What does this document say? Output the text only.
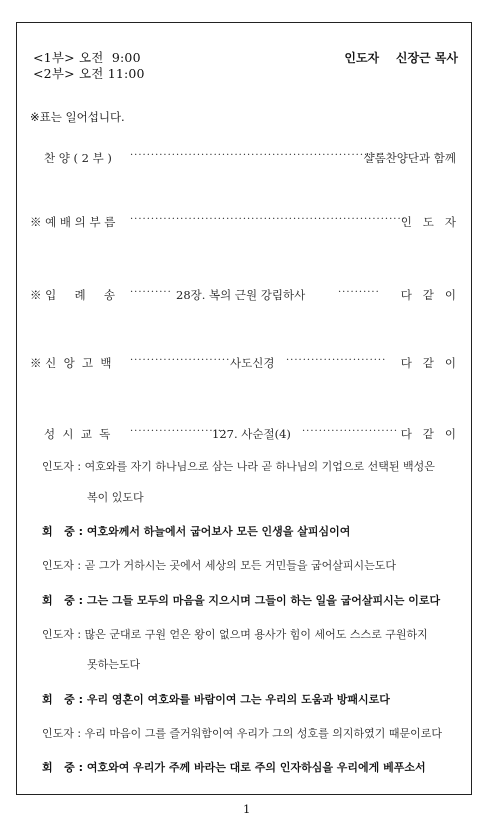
<1부> 오전  9:00
<2부> 오전 11:00
인도자    신장근 목사
※표는 일어섭니다.
찬 양 ( 2 부 ) ····························································
샬롬찬양단과 함께
※ 예 배 의 부 름 ··································································
인   도   자
※ 입     례     송 ·········· 28장. 복의 근원 강림하사	·········· 다   같   이
※ 신  앙  고  백 ························ 사도신경 ························ 다   같   이
성  시  교  독 ·······················
127. 사순절(4) ······················· 다   같   이
인도자 : 여호와를 자기 하나님으로 삼는 나라 곧 하나님의 기업으로 선택된 백성은
복이 있도다
회   중 : 여호와께서 하늘에서 굽어보사 모든 인생을 살피심이여
인도자 : 곧 그가 거하시는 곳에서 세상의 모든 거민들을 굽어살피시는도다
회   중 : 그는 그들 모두의 마음을 지으시며 그들이 하는 일을 굽어살피시는 이로다
인도자 : 많은 군대로 구원 얻은 왕이 없으며 용사가 힘이 세어도 스스로 구원하지
못하는도다
회   중 : 우리 영혼이 여호와를 바람이여 그는 우리의 도움과 방패시로다
인도자 : 우리 마음이 그를 즐거워함이여 우리가 그의 성호를 의지하였기 때문이로다
회   중 : 여호와여 우리가 주께 바라는 대로 주의 인자하심을 우리에게 베푸소서
1
